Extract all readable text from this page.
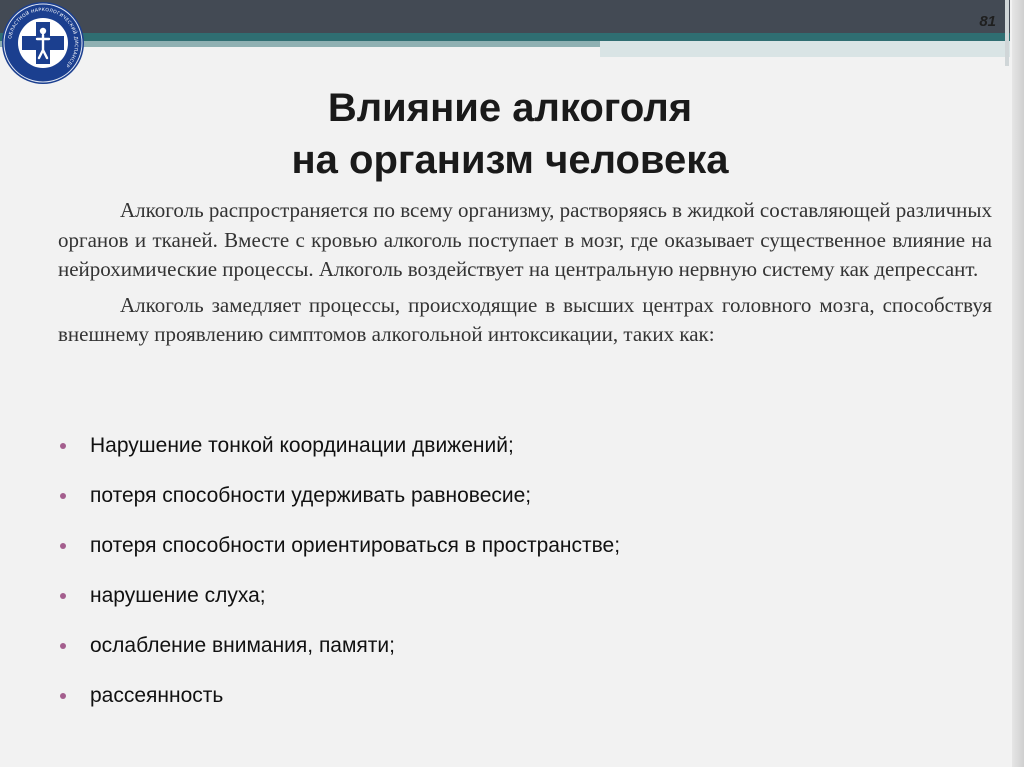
81
ОБЛАСТНОЙ НАРКОЛОГИЧЕСКИЙ ДИСПАНСЕР
Влияние алкоголя
на организм человека

Алкоголь распространяется по всему организму, растворяясь в жидкой составляющей различных органов и тканей. Вместе с кровью алкоголь поступает в мозг, где оказывает существенное влияние на нейрохимические процессы. Алкоголь воздействует на центральную нервную систему как депрессант.

Алкоголь замедляет процессы, происходящие в высших центрах головного мозга, способствуя внешнему проявлению симптомов алкогольной интоксикации, таких как:

Нарушение тонкой координации движений;
потеря способности удерживать равновесие;
потеря способности ориентироваться в пространстве;
нарушение слуха;
ослабление внимания, памяти;
рассеянность
